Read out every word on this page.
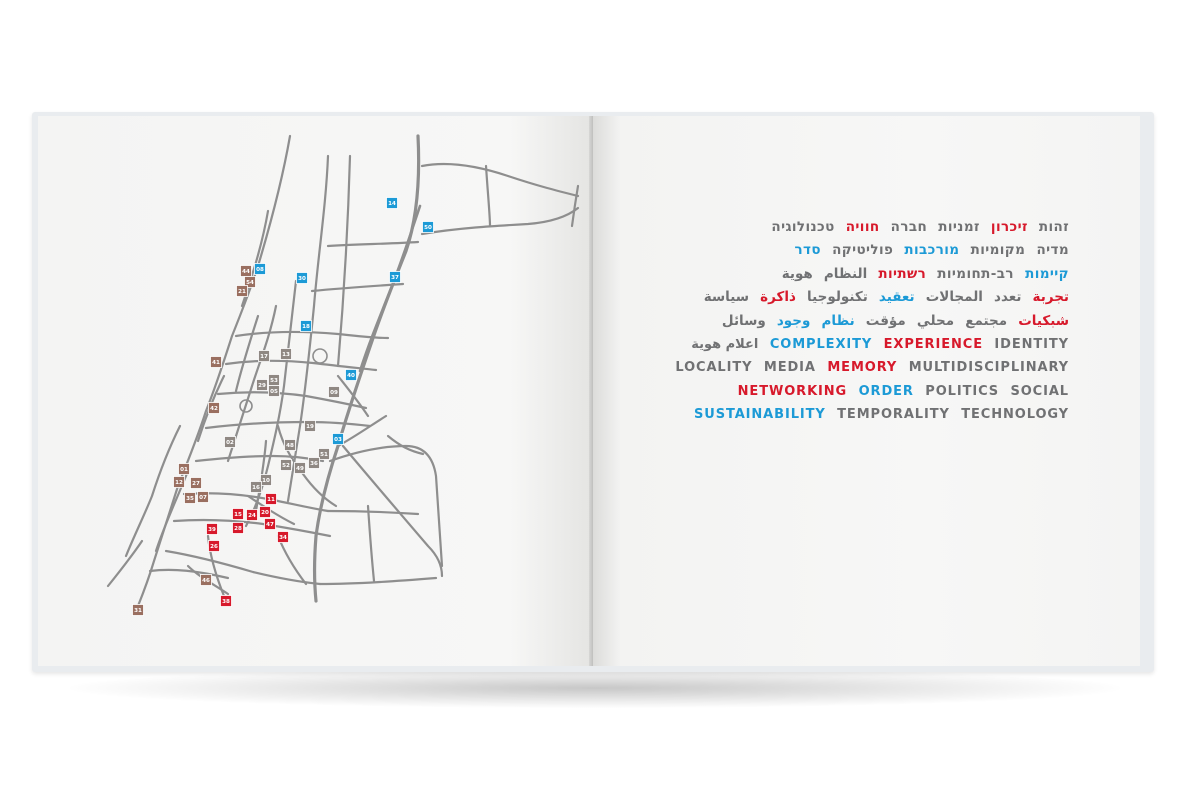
14
50
08
44
54
21
30	37
18
41
17	13
53
29
05
40
09
42
19
02	03
48
51
36
52 49
01
12 27	10
16
35 07	11
15 24 20
47
39	28
34
26
46
38
31
זהות זיכרון זמניות חברה חוויה טכנולוגיה
מדיה מקומיות מורכבות פוליטיקה סדר
קיימות רב-תחומיות רשתיות النظام هوية
تجربة تعدد المجالات تعقيد تكنولوجيا ذاكرة سياسة
شبكيات مجتمع محلي مؤقت نظام وجود وسائل
اعلام هوية COMPLEXITY EXPERIENCE IDENTITY
LOCALITY MEDIA MEMORY MULTIDISCIPLINARY
NETWORKING ORDER POLITICS SOCIAL
SUSTAINABILITY TEMPORALITY TECHNOLOGY
